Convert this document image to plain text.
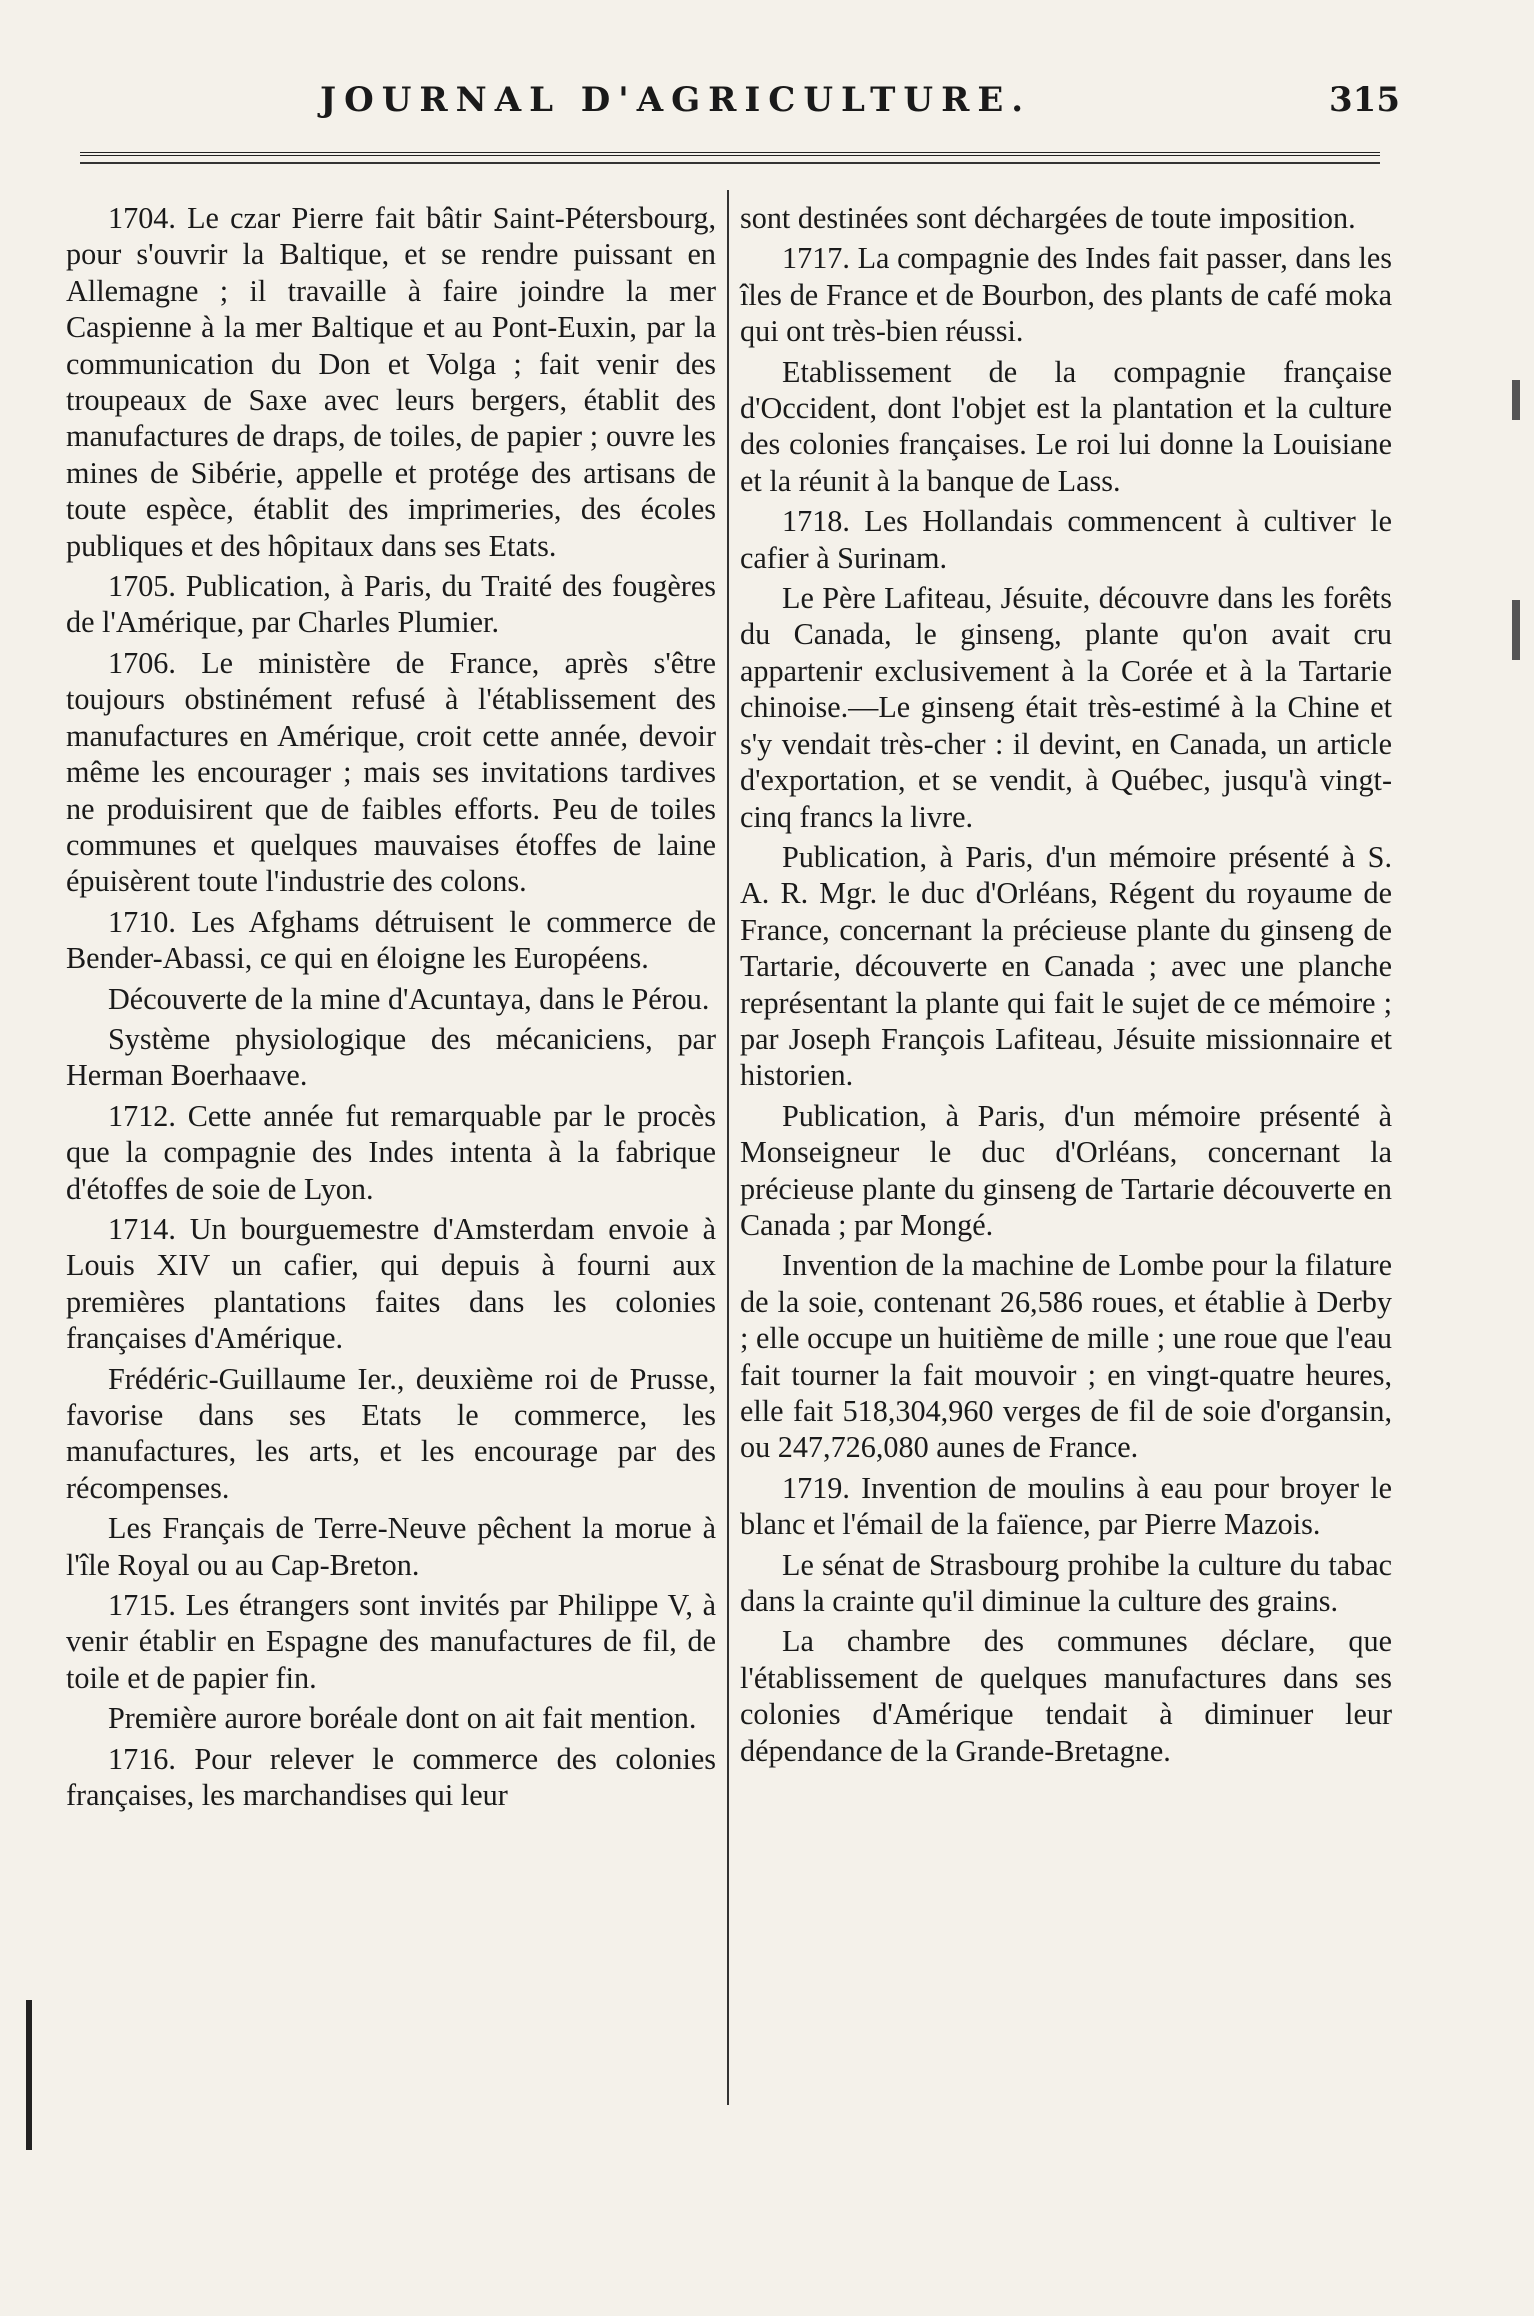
JOURNAL D'AGRICULTURE.	315

1704. Le czar Pierre fait bâtir Saint-Pétersbourg, pour s'ouvrir la Baltique, et se rendre puissant en Allemagne ; il travaille à faire joindre la mer Caspienne à la mer Baltique et au Pont-Euxin, par la communication du Don et Volga ; fait venir des troupeaux de Saxe avec leurs bergers, établit des manufactures de draps, de toiles, de papier ; ouvre les mines de Sibérie, appelle et protége des artisans de toute espèce, établit des imprimeries, des écoles publiques et des hôpitaux dans ses Etats.

1705. Publication, à Paris, du Traité des fougères de l'Amérique, par Charles Plumier.

1706. Le ministère de France, après s'être toujours obstinément refusé à l'établissement des manufactures en Amérique, croit cette année, devoir même les encourager ; mais ses invitations tardives ne produisirent que de faibles efforts. Peu de toiles communes et quelques mauvaises étoffes de laine épuisèrent toute l'industrie des colons.

1710. Les Afghams détruisent le commerce de Bender-Abassi, ce qui en éloigne les Européens.

Découverte de la mine d'Acuntaya, dans le Pérou.

Système physiologique des mécaniciens, par Herman Boerhaave.

1712. Cette année fut remarquable par le procès que la compagnie des Indes intenta à la fabrique d'étoffes de soie de Lyon.

1714. Un bourguemestre d'Amsterdam envoie à Louis XIV un cafier, qui depuis à fourni aux premières plantations faites dans les colonies françaises d'Amérique.

Frédéric-Guillaume Ier., deuxième roi de Prusse, favorise dans ses Etats le commerce, les manufactures, les arts, et les encourage par des récompenses.

Les Français de Terre-Neuve pêchent la morue à l'île Royal ou au Cap-Breton.

1715. Les étrangers sont invités par Philippe V, à venir établir en Espagne des manufactures de fil, de toile et de papier fin.

Première aurore boréale dont on ait fait mention.

1716. Pour relever le commerce des colonies françaises, les marchandises qui leur

sont destinées sont déchargées de toute imposition.

1717. La compagnie des Indes fait passer, dans les îles de France et de Bourbon, des plants de café moka qui ont très-bien réussi.

Etablissement de la compagnie française d'Occident, dont l'objet est la plantation et la culture des colonies françaises. Le roi lui donne la Louisiane et la réunit à la banque de Lass.

1718. Les Hollandais commencent à cultiver le cafier à Surinam.

Le Père Lafiteau, Jésuite, découvre dans les forêts du Canada, le ginseng, plante qu'on avait cru appartenir exclusivement à la Corée et à la Tartarie chinoise.—Le ginseng était très-estimé à la Chine et s'y vendait très-cher : il devint, en Canada, un article d'exportation, et se vendit, à Québec, jusqu'à vingt-cinq francs la livre.

Publication, à Paris, d'un mémoire présenté à S. A. R. Mgr. le duc d'Orléans, Régent du royaume de France, concernant la précieuse plante du ginseng de Tartarie, découverte en Canada ; avec une planche représentant la plante qui fait le sujet de ce mémoire ; par Joseph François Lafiteau, Jésuite missionnaire et historien.

Publication, à Paris, d'un mémoire présenté à Monseigneur le duc d'Orléans, concernant la précieuse plante du ginseng de Tartarie découverte en Canada ; par Mongé.

Invention de la machine de Lombe pour la filature de la soie, contenant 26,586 roues, et établie à Derby ; elle occupe un huitième de mille ; une roue que l'eau fait tourner la fait mouvoir ; en vingt-quatre heures, elle fait 518,304,960 verges de fil de soie d'organsin, ou 247,726,080 aunes de France.

1719. Invention de moulins à eau pour broyer le blanc et l'émail de la faïence, par Pierre Mazois.

Le sénat de Strasbourg prohibe la culture du tabac dans la crainte qu'il diminue la culture des grains.

La chambre des communes déclare, que l'établissement de quelques manufactures dans ses colonies d'Amérique tendait à diminuer leur dépendance de la Grande-Bretagne.
